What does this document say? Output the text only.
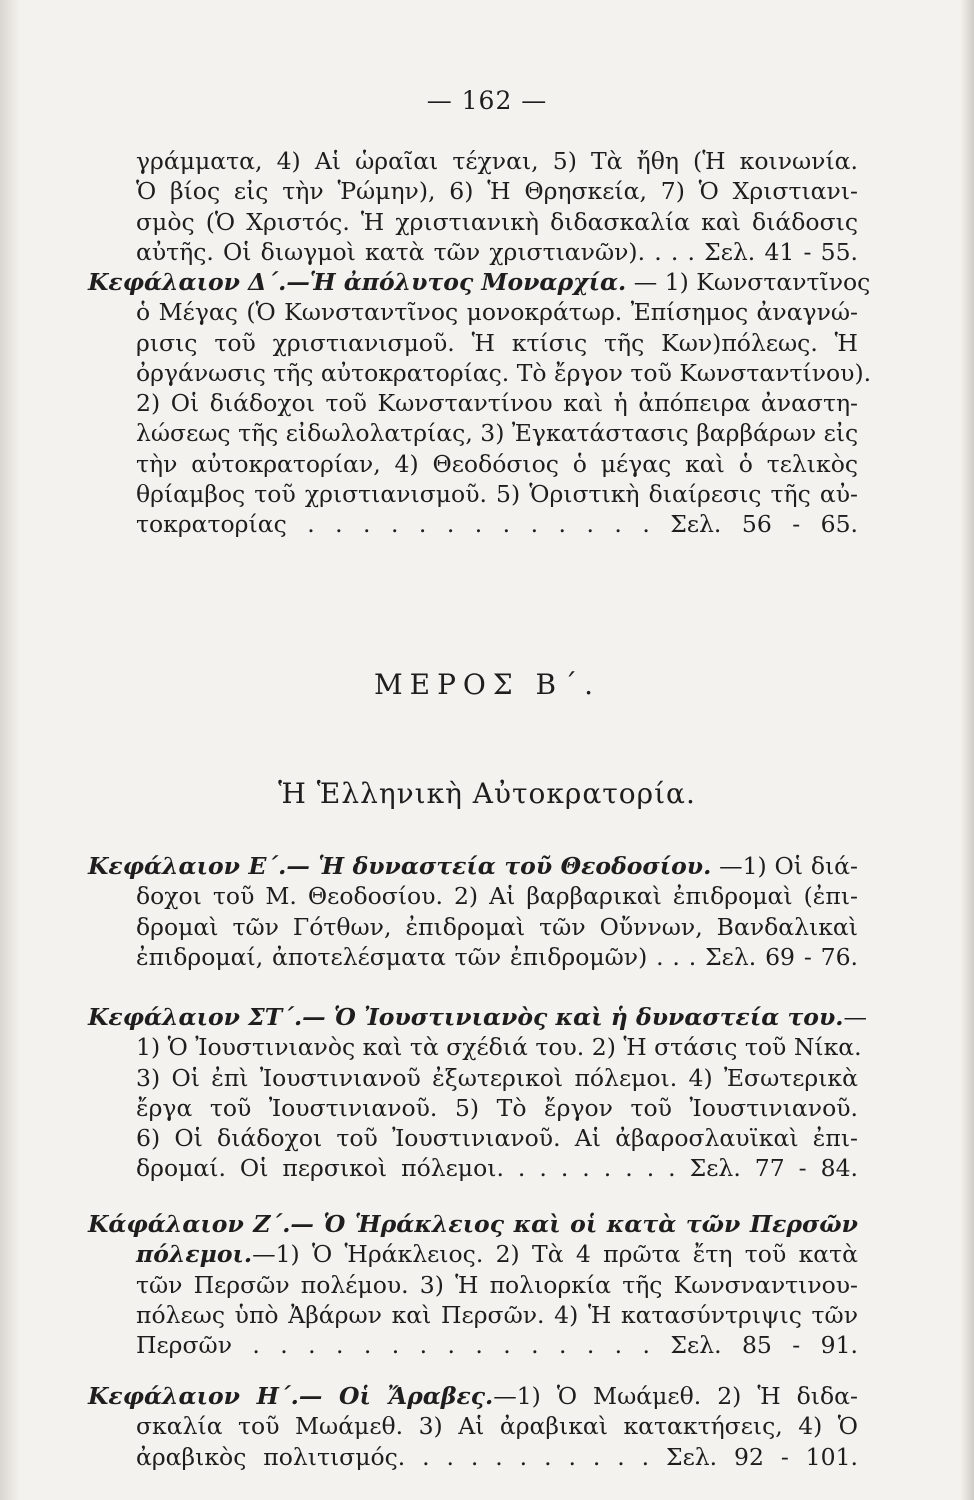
— 162 —
γράμματα, 4) Αἱ ὡραῖαι τέχναι, 5) Τὰ ἤθη (Ἡ κοινωνία.
Ὁ βίος εἰς τὴν Ῥώμην), 6) Ἡ Θρησκεία, 7) Ὁ Χριστιανι-
σμὸς (Ὁ Χριστός. Ἡ χριστιανικὴ διδασκαλία καὶ διάδοσις
αὐτῆς. Οἱ διωγμοὶ κατὰ τῶν χριστιανῶν). . . . Σελ. 41 - 55.
Κεφάλαιον Δ΄.—Ἡ ἀπόλυτος Μοναρχία. — 1) Κωνσταντῖνος
ὁ Μέγας (Ὁ Κωνσταντῖνος μονοκράτωρ. Ἐπίσημος ἀναγνώ-
ρισις τοῦ χριστιανισμοῦ. Ἡ κτίσις τῆς Κων)πόλεως. Ἡ
ὀργάνωσις τῆς αὐτοκρατορίας. Τὸ ἔργον τοῦ Κωνσταντίνου).
2) Οἱ διάδοχοι τοῦ Κωνσταντίνου καὶ ἡ ἀπόπειρα ἀναστη-
λώσεως τῆς εἰδωλολατρίας, 3) Ἐγκατάστασις βαρβάρων εἰς
τὴν αὐτοκρατορίαν, 4) Θεοδόσιος ὁ μέγας καὶ ὁ τελικὸς
θρίαμβος τοῦ χριστιανισμοῦ. 5) Ὁριστικὴ διαίρεσις τῆς αὐ-
τοκρατορίας . . . . . . . . . . . . . Σελ. 56 - 65.
ΜΕΡΟΣ Β΄.
Ἡ Ἑλληνικὴ Αὐτοκρατορία.
Κεφάλαιον Ε΄.— Ἡ δυναστεία τοῦ Θεοδοσίου. —1) Οἱ διά-
δοχοι τοῦ Μ. Θεοδοσίου. 2) Αἱ βαρβαρικαὶ ἐπιδρομαὶ (ἐπι-
δρομαὶ τῶν Γότθων, ἐπιδρομαὶ τῶν Οὔννων, Βανδαλικαὶ
ἐπιδρομαί, ἀποτελέσματα τῶν ἐπιδρομῶν) . . . Σελ. 69 - 76.
Κεφάλαιον ΣΤ΄.— Ὁ Ἰουστινιανὸς καὶ ἡ δυναστεία του.—
1) Ὁ Ἰουστινιανὸς καὶ τὰ σχέδιά του. 2) Ἡ στάσις τοῦ Νίκα.
3) Οἱ ἐπὶ Ἰουστινιανοῦ ἐξωτερικοὶ πόλεμοι. 4) Ἐσωτερικὰ
ἔργα τοῦ Ἰουστινιανοῦ. 5) Τὸ ἔργον τοῦ Ἰουστινιανοῦ.
6) Οἱ διάδοχοι τοῦ Ἰουστινιανοῦ. Αἱ ἀβαροσλαυϊκαὶ ἐπι-
δρομαί. Οἱ περσικοὶ πόλεμοι. . . . . . . . . Σελ. 77 - 84.
Κάφάλαιον Ζ΄.— Ὁ Ἡράκλειος καὶ οἱ κατὰ τῶν Περσῶν
πόλεμοι.—1) Ὁ Ἡράκλειος. 2) Τὰ 4 πρῶτα ἔτη τοῦ κατὰ
τῶν Περσῶν πολέμου. 3) Ἡ πολιορκία τῆς Κωνσναντινου-
πόλεως ὑπὸ Ἀβάρων καὶ Περσῶν. 4) Ἡ κατασύντριψις τῶν
Περσῶν . . . . . . . . . . . . . . . Σελ. 85 - 91.
Κεφάλαιον Η΄.— Οἱ Ἄραβες.—1) Ὁ Μωάμεθ. 2) Ἡ διδα-
σκαλία τοῦ Μωάμεθ. 3) Αἱ ἀραβικαὶ κατακτήσεις, 4) Ὁ
ἀραβικὸς πολιτισμός. . . . . . . . . . . Σελ. 92 - 101.
